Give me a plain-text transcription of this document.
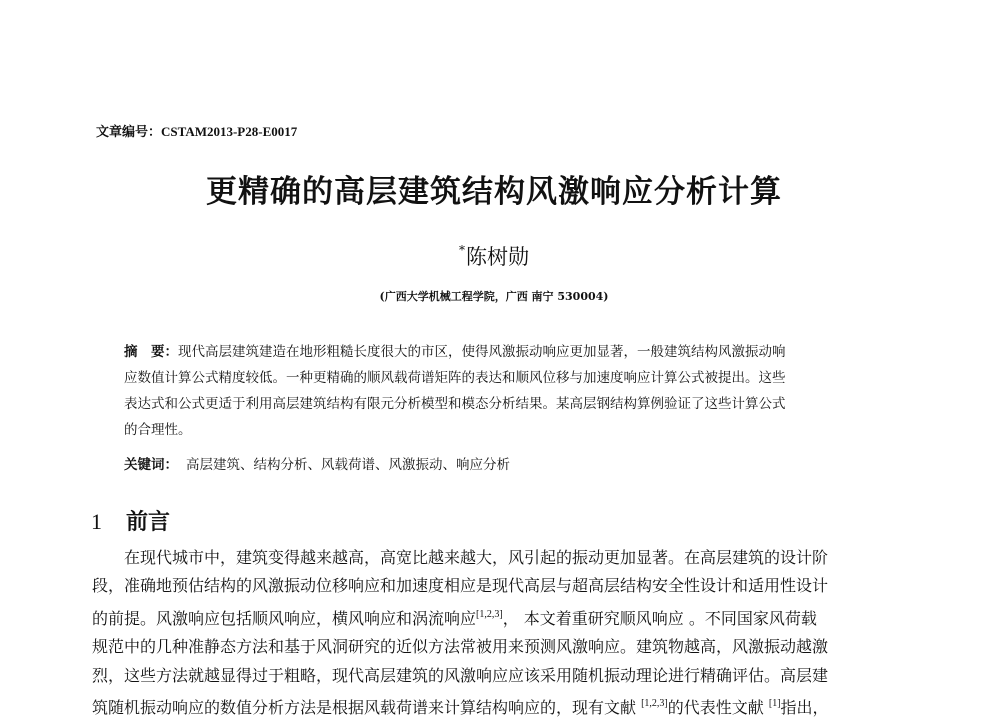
文章编号：CSTAM2013-P28-E0017
更精确的高层建筑结构风激响应分析计算
*陈树勋
(广西大学机械工程学院，广西 南宁 530004)
摘　要：现代高层建筑建造在地形粗糙长度很大的市区，使得风激振动响应更加显著，一般建筑结构风激振动响
应数值计算公式精度较低。一种更精确的顺风载荷谱矩阵的表达和顺风位移与加速度响应计算公式被提出。这些
表达式和公式更适于利用高层建筑结构有限元分析模型和模态分析结果。某高层钢结构算例验证了这些计算公式
的合理性。
关键词： 高层建筑、结构分析、风载荷谱、风激振动、响应分析
1 前言
在现代城市中，建筑变得越来越高，高宽比越来越大，风引起的振动更加显著。在高层建筑的设计阶
段，准确地预估结构的风激振动位移响应和加速度相应是现代高层与超高层结构安全性设计和适用性设计
的前提。风激响应包括顺风响应，横风响应和涡流响应[1,2,3]， 本文着重研究顺风响应 。不同国家风荷载
规范中的几种准静态方法和基于风洞研究的近似方法常被用来预测风激响应。建筑物越高，风激振动越激
烈，这些方法就越显得过于粗略，现代高层建筑的风激响应应该采用随机振动理论进行精确评估。高层建
筑随机振动响应的数值分析方法是根据风载荷谱来计算结构响应的，现有文献 [1,2,3]的代表性文献 [1]指出，
